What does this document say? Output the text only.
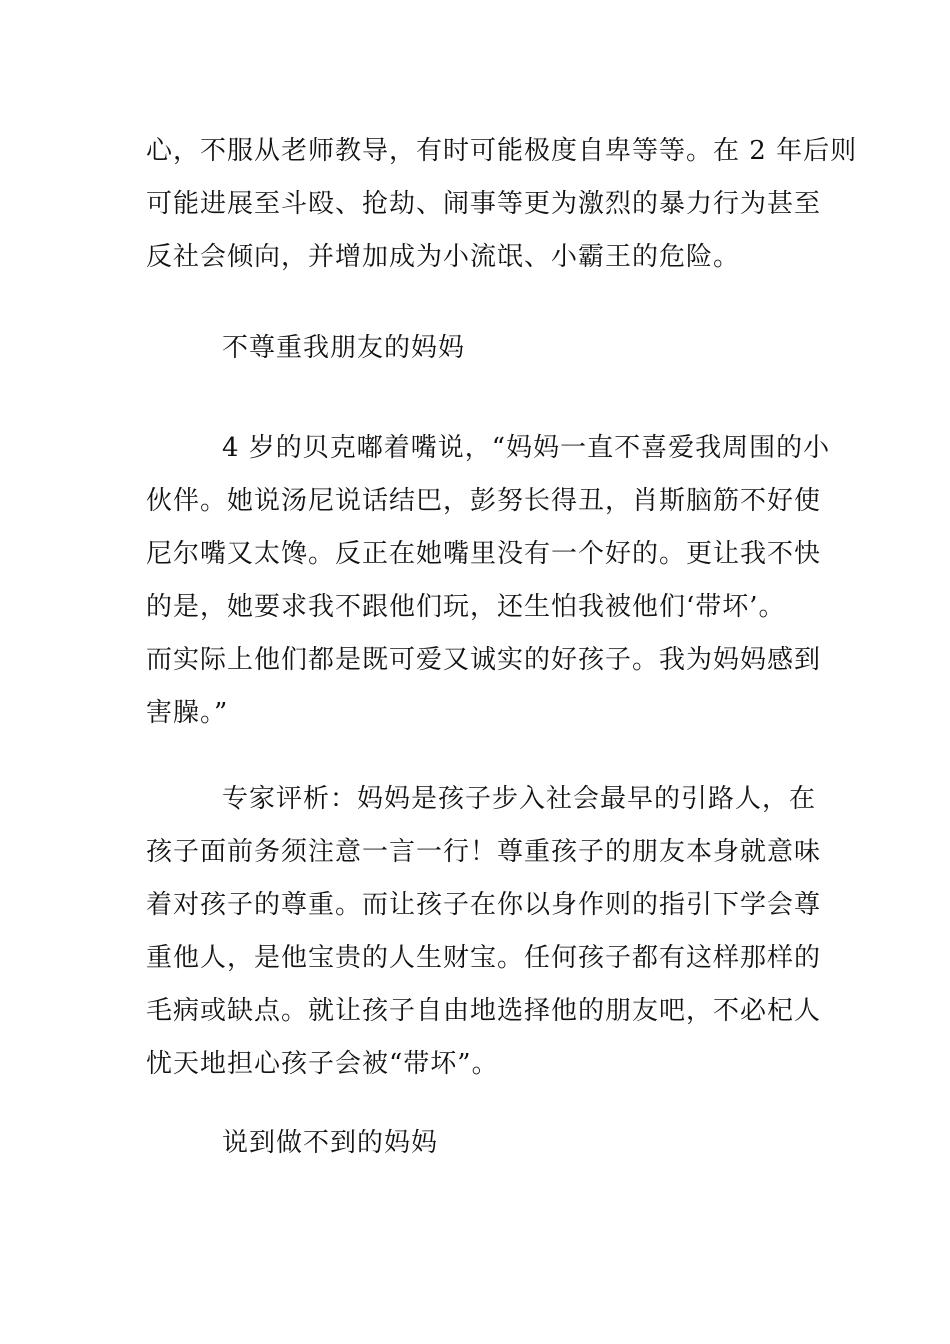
心，不服从老师教导，有时可能极度自卑等等。在 2 年后则
可能进展至斗殴、抢劫、闹事等更为激烈的暴力行为甚至
反社会倾向，并增加成为小流氓、小霸王的危险。
不尊重我朋友的妈妈
4 岁的贝克嘟着嘴说，“妈妈一直不喜爱我周围的小
伙伴。她说汤尼说话结巴，彭努长得丑，肖斯脑筋不好使
尼尔嘴又太馋。反正在她嘴里没有一个好的。更让我不快
的是，她要求我不跟他们玩，还生怕我被他们‘带坏’。
而实际上他们都是既可爱又诚实的好孩子。我为妈妈感到
害臊。”
专家评析：妈妈是孩子步入社会最早的引路人，在
孩子面前务须注意一言一行！尊重孩子的朋友本身就意味
着对孩子的尊重。而让孩子在你以身作则的指引下学会尊
重他人，是他宝贵的人生财宝。任何孩子都有这样那样的
毛病或缺点。就让孩子自由地选择他的朋友吧，不必杞人
忧天地担心孩子会被“带坏”。
说到做不到的妈妈
